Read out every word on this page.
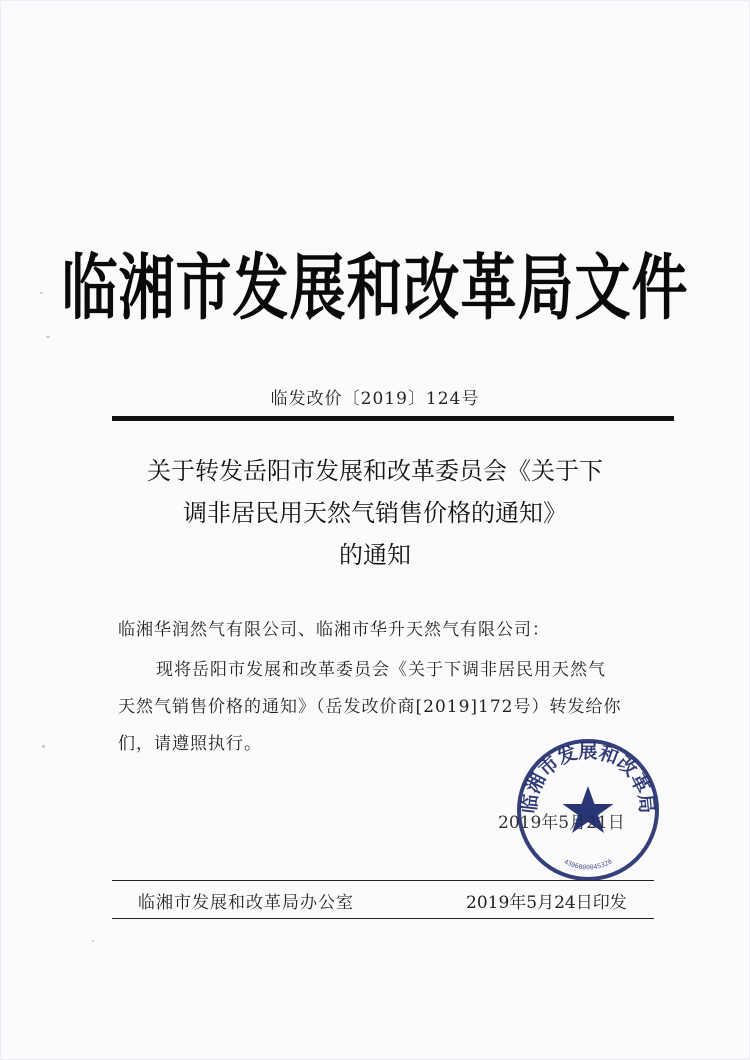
临湘市发展和改革局文件
临发改价〔2019〕124号
关于转发岳阳市发展和改革委员会《关于下
调非居民用天然气销售价格的通知》
的通知
临湘华润然气有限公司、临湘市华升天然气有限公司：
现将岳阳市发展和改革委员会《关于下调非居民用天然气
天然气销售价格的通知》（岳发改价商[2019]172号）转发给你
们，请遵照执行。
2019年5月21日
临湘市发展和改革局
4306000045320
临湘市发展和改革局办公室	2019年5月24日印发
